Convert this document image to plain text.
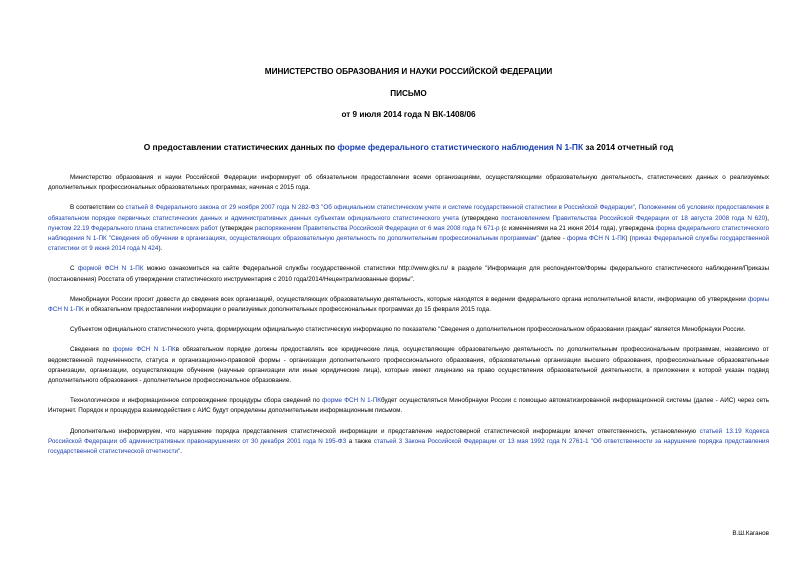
МИНИСТЕРСТВО ОБРАЗОВАНИЯ И НАУКИ РОССИЙСКОЙ ФЕДЕРАЦИИ

ПИСЬМО

от 9 июля 2014 года N ВК-1408/06

О предоставлении статистических данных по форме федерального статистического наблюдения N 1-ПК за 2014 отчетный год

Министерство образования и науки Российской Федерации информирует об обязательном предоставлении всеми организациями, осуществляющими образовательную деятельность, статистических данных о реализуемых дополнительных профессиональных образовательных программах, начиная с 2015 года.

В соответствии со статьей 8 Федерального закона от 29 ноября 2007 года N 282-ФЗ "Об официальном статистическом учете и системе государственной статистики в Российской Федерации", Положением об условиях предоставления в обязательном порядке первичных статистических данных и административных данных субъектам официального статистического учета (утверждено постановлением Правительства Российской Федерации от 18 августа 2008 года N 620), пунктом 22.19 Федерального плана статистических работ (утвержден распоряжением Правительства Российской Федерации от 6 мая 2008 года N 671-р (с изменениями на 21 июня 2014 года), утверждена форма федерального статистического наблюдения N 1-ПК "Сведения об обучении в организациях, осуществляющих образовательную деятельность по дополнительным профессиональным программам" (далее - форма ФСН N 1-ПК) (приказ Федеральной службы государственной статистики от 9 июня 2014 года N 424).

С формой ФСН N 1-ПК можно ознакомиться на сайте Федеральной службы государственной статистики http://www.gks.ru/ в разделе "Информация для респондентов/Формы федерального статистического наблюдения/Приказы (постановления) Росстата об утверждении статистического инструментария с 2010 года/2014/Нецентрализованные формы".

Минобрнауки России просит довести до сведения всех организаций, осуществляющих образовательную деятельность, которые находятся в ведении федерального органа исполнительной власти, информацию об утверждении формы ФСН N 1-ПК и обязательном предоставлении информации о реализуемых дополнительных профессиональных программах до 15 февраля 2015 года.

Субъектом официального статистического учета, формирующим официальную статистическую информацию по показателю "Сведения о дополнительном профессиональном образовании граждан" является Минобрнауки России.

Сведения по форме ФСН N 1-ПКв обязательном порядке должны предоставлять все юридические лица, осуществляющие образовательную деятельность по дополнительным профессиональным программам, независимо от ведомственной подчиненности, статуса и организационно-правовой формы - организации дополнительного профессионального образования, образовательные организации высшего образования, профессиональные образовательные организации, организации, осуществляющие обучение (научные организации или иные юридические лица), которые имеют лицензию на право осуществления образовательной деятельности, в приложении к которой указан подвид дополнительного образования - дополнительное профессиональное образование.

Технологическое и информационное сопровождение процедуры сбора сведений по форме ФСН N 1-ПКбудет осуществляться Минобрнауки России с помощью автоматизированной информационной системы (далее - АИС) через сеть Интернет. Порядок и процедура взаимодействия с АИС будут определены дополнительным информационным письмом.

Дополнительно информируем, что нарушение порядка представления статистической информации и представление недостоверной статистической информации влечет ответственность, установленную статьей 13.19 Кодекса Российской Федерации об административных правонарушениях от 30 декабря 2001 года N 195-ФЗ а также статьей 3 Закона Российской Федерации от 13 мая 1992 года N 2761-1 "Об ответственности за нарушение порядка представления государственной статистической отчетности".

В.Ш.Каганов
